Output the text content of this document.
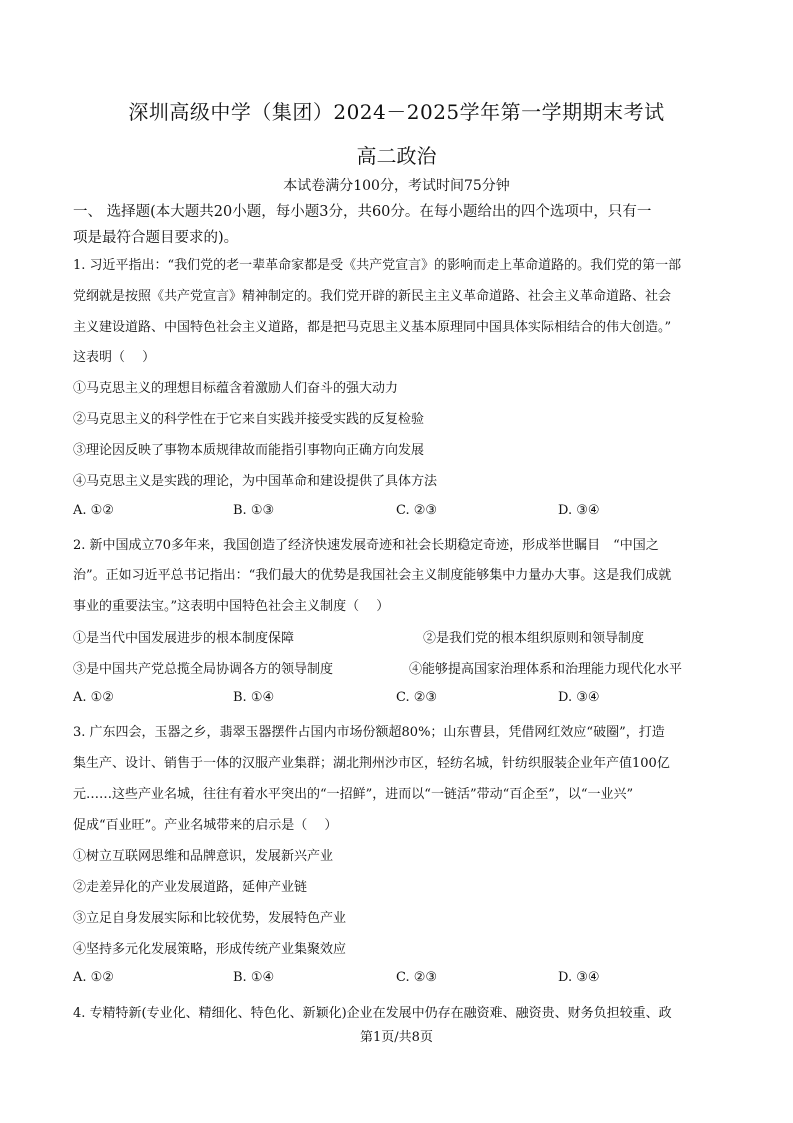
深圳高级中学（集团）2024－2025学年第一学期期末考试
高二政治
本试卷满分100分，考试时间75分钟
一、 选择题(本大题共20小题，每小题3分，共60分。在每小题给出的四个选项中，只有一
项是最符合题目要求的)。
1. 习近平指出：“我们党的老一辈革命家都是受《共产党宣言》的影响而走上革命道路的。我们党的第一部
党纲就是按照《共产党宣言》精神制定的。我们党开辟的新民主主义革命道路、社会主义革命道路、社会
主义建设道路、中国特色社会主义道路，都是把马克思主义基本原理同中国具体实际相结合的伟大创造。”
这表明（　 ）
①马克思主义的理想目标蕴含着激励人们奋斗的强大动力
②马克思主义的科学性在于它来自实践并接受实践的反复检验
③理论因反映了事物本质规律故而能指引事物向正确方向发展
④马克思主义是实践的理论，为中国革命和建设提供了具体方法
A. ①②	B. ①③	C. ②③	D. ③④
2. 新中国成立70多年来，我国创造了经济快速发展奇迹和社会长期稳定奇迹，形成举世瞩目　“中国之
治”。正如习近平总书记指出：“我们最大的优势是我国社会主义制度能够集中力量办大事。这是我们成就
事业的重要法宝。”这表明中国特色社会主义制度（　 ）
①是当代中国发展进步的根本制度保障	②是我们党的根本组织原则和领导制度
③是中国共产党总揽全局协调各方的领导制度	④能够提高国家治理体系和治理能力现代化水平
A. ①②	B. ①④	C. ②③	D. ③④
3. 广东四会，玉器之乡，翡翠玉器摆件占国内市场份额超80%；山东曹县，凭借网红效应“破圈”，打造
集生产、设计、销售于一体的汉服产业集群；湖北荆州沙市区，轻纺名城，针纺织服装企业年产值100亿
元……这些产业名城，往往有着水平突出的“一招鲜”，进而以“一链活”带动“百企至”，以“一业兴”
促成“百业旺”。产业名城带来的启示是（　 ）
①树立互联网思维和品牌意识，发展新兴产业
②走差异化的产业发展道路，延伸产业链
③立足自身发展实际和比较优势，发展特色产业
④坚持多元化发展策略，形成传统产业集聚效应
A. ①②	B. ①④	C. ②③	D. ③④
4. 专精特新(专业化、精细化、特色化、新颖化)企业在发展中仍存在融资难、融资贵、财务负担较重、政
第1页/共8页
